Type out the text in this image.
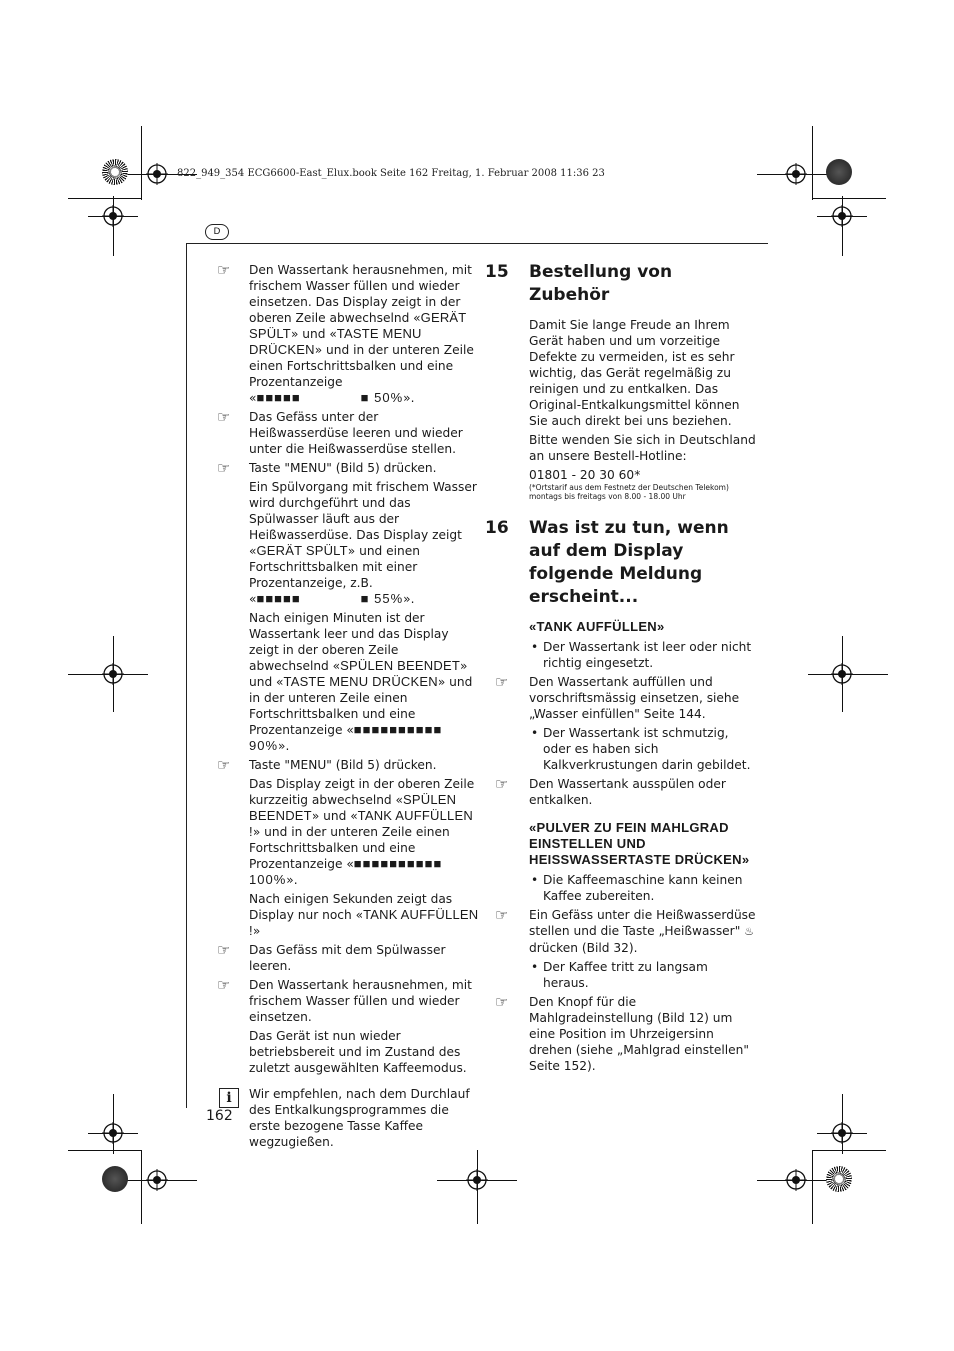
822_949_354 ECG6600-East_Elux.book Seite 162 Freitag, 1. Februar 2008 11:36 23
D
☞	Den Wassertank herausnehmen, mit frischem Wasser füllen und wieder einsetzen. Das Display zeigt in der oberen Zeile abwechselnd «GERÄT SPÜLT» und «TASTE MENU DRÜCKEN» und in der unteren Zeile einen Fortschrittsbalken und eine Prozentanzeige «■■■■■             ■ 50%».

☞	Das Gefäss unter der Heißwasserdüse leeren und wieder unter die Heißwasserdüse stellen.

☞	Taste "MENU" (Bild 5) drücken.

Ein Spülvorgang mit frischem Wasser wird durchgeführt und das Spülwasser läuft aus der Heißwasserdüse. Das Display zeigt «GERÄT SPÜLT» und einen Fortschrittsbalken mit einer Prozentanzeige, z.B. «■■■■■             ■ 55%».

Nach einigen Minuten ist der Wassertank leer und das Display zeigt in der oberen Zeile abwechselnd «SPÜLEN BEENDET» und «TASTE MENU DRÜCKEN» und in der unteren Zeile einen Fortschrittsbalken und eine Prozentanzeige «■■■■■■■■■■ 90%».

☞	Taste "MENU" (Bild 5) drücken.

Das Display zeigt in der oberen Zeile kurzzeitig abwechselnd «SPÜLEN BEENDET» und «TANK AUFFÜLLEN !» und in der unteren Zeile einen Fortschrittsbalken und eine Prozentanzeige «■■■■■■■■■■ 100%».

Nach einigen Sekunden zeigt das Display nur noch «TANK AUFFÜLLEN !»

☞	Das Gefäss mit dem Spülwasser leeren.

☞	Den Wassertank herausnehmen, mit frischem Wasser füllen und wieder einsetzen.

Das Gerät ist nun wieder betriebsbereit und im Zustand des zuletzt ausgewählten Kaffeemodus.

i	Wir empfehlen, nach dem Durchlauf des Entkalkungsprogrammes die erste bezogene Tasse Kaffee wegzugießen.

15 Bestellung von Zubehör

Damit Sie lange Freude an Ihrem Gerät haben und um vorzeitige Defekte zu vermeiden, ist es sehr wichtig, das Gerät regelmäßig zu reinigen und zu entkalken. Das Original-Entkalkungsmittel können Sie auch direkt bei uns beziehen.

Bitte wenden Sie sich in Deutschland an unsere Bestell-Hotline:

01801 - 20 30 60*

(*Ortstarif aus dem Festnetz der Deutschen Telekom)
montags bis freitags von 8.00 - 18.00 Uhr
16 Was ist zu tun, wenn auf dem Display folgende Meldung erscheint...
«TANK AUFFÜLLEN»
• Der Wassertank ist leer oder nicht richtig eingesetzt.
☞	Den Wassertank auffüllen und vorschriftsmässig einsetzen, siehe „Wasser einfüllen" Seite 144.

• Der Wassertank ist schmutzig, oder es haben sich Kalkverkrustungen darin gebildet.
☞	Den Wassertank ausspülen oder entkalken.

«PULVER ZU FEIN MAHLGRAD EINSTELLEN UND HEISSWASSERTASTE DRÜCKEN»
• Die Kaffeemaschine kann keinen Kaffee zubereiten.
☞	Ein Gefäss unter die Heißwasserdüse stellen und die Taste „Heißwasser" ♨ drücken (Bild 32).

• Der Kaffee tritt zu langsam heraus.
☞	Den Knopf für die Mahlgradeinstellung (Bild 12) um eine Position im Uhrzeigersinn drehen (siehe „Mahlgrad einstellen" Seite 152).

162
